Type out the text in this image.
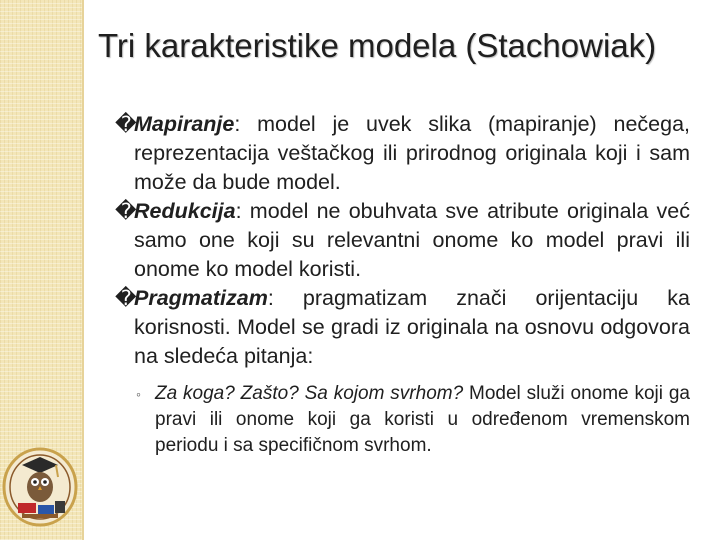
Tri karakteristike modela (Stachowiak)

�
Mapiranje: model je uvek slika (mapiranje) nečega, reprezentacija veštačkog ili prirodnog originala koji i sam može da bude model.

�
Redukcija: model ne obuhvata sve atribute originala već samo one koji su relevantni onome ko model pravi ili onome ko model koristi.

�
Pragmatizam: pragmatizam znači orijentaciju ka korisnosti. Model se gradi iz originala na osnovu odgovora na sledeća pitanja:

◦ Za koga? Zašto? Sa kojom svrhom? Model služi onome koji ga pravi ili onome koji ga koristi u određenom vremenskom periodu i sa specifičnom svrhom.
